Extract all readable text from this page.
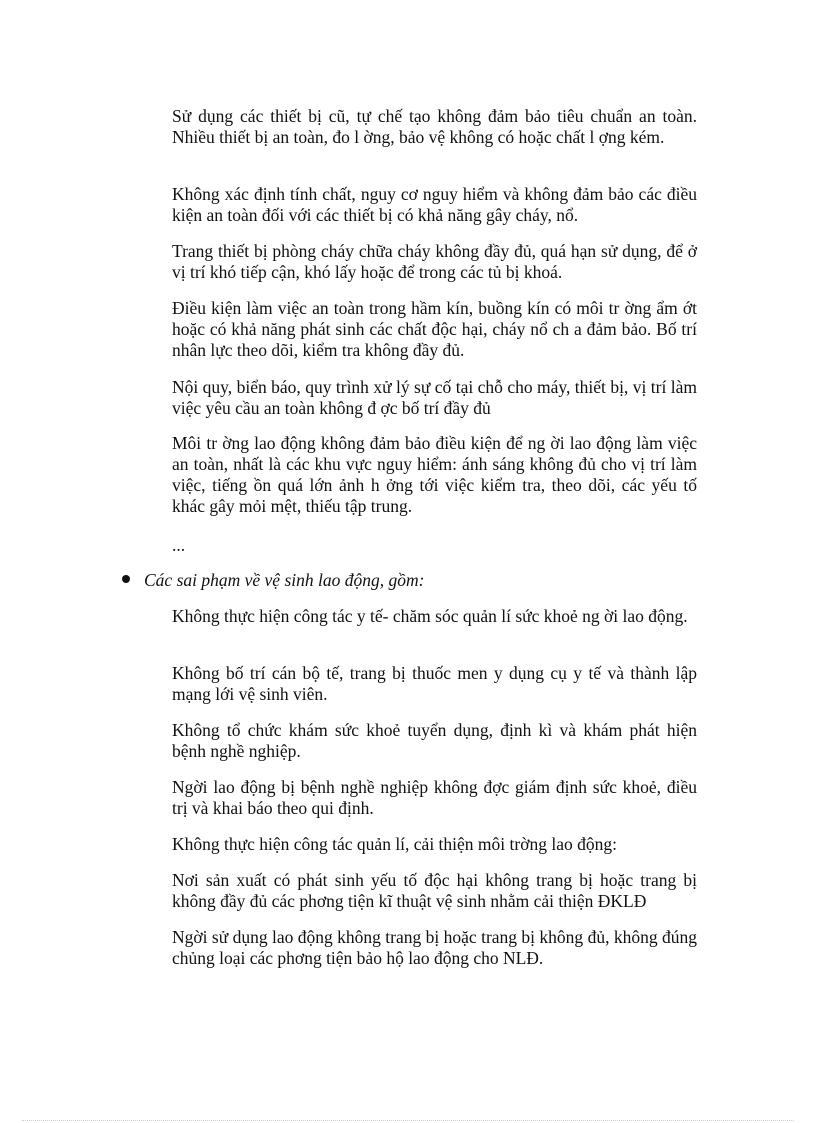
Sử dụng các thiết bị cũ, tự chế tạo không đảm bảo tiêu chuẩn an toàn. Nhiều thiết bị an toàn, đo l ờng, bảo vệ không có hoặc chất l ợng kém.

Không xác định tính chất, nguy cơ nguy hiểm và không đảm bảo các điều kiện an toàn đối với các thiết bị có khả năng gây cháy, nổ.

Trang thiết bị phòng cháy chữa cháy không đầy đủ, quá hạn sử dụng, để ở vị trí khó tiếp cận, khó lấy hoặc để trong các tủ bị khoá.

Điều kiện làm việc an toàn trong hầm kín, buồng kín có môi tr ờng ẩm ớt hoặc có khả năng phát sinh các chất độc hại, cháy nổ ch a đảm bảo. Bố trí nhân lực theo dõi, kiểm tra không đầy đủ.

Nội quy, biển báo, quy trình xử lý sự cố tại chỗ cho máy, thiết bị, vị trí làm việc yêu cầu an toàn không đ ợc bố trí đầy đủ

Môi tr ờng lao động không đảm bảo điều kiện để ng ời lao động làm việc an toàn, nhất là các khu vực nguy hiểm: ánh sáng không đủ cho vị trí làm việc, tiếng ồn quá lớn ảnh h ởng tới việc kiểm tra, theo dõi, các yếu tố khác gây mỏi mệt, thiếu tập trung.

...

Các sai phạm về vệ sinh lao động, gồm:

Không thực hiện công tác y tế- chăm sóc quản lí sức khoẻ ng ời lao động.

Không bố trí cán bộ tế, trang bị thuốc men y dụng cụ y tế và thành lập mạng lới vệ sinh viên.

Không tổ chức khám sức khoẻ tuyển dụng, định kì và khám phát hiện bệnh nghề nghiệp.

Ngời lao động bị bệnh nghề nghiệp không đợc giám định sức khoẻ, điều trị và khai báo theo qui định.

Không thực hiện công tác quản lí, cải thiện môi trờng lao động:

Nơi sản xuất có phát sinh yếu tố độc hại không trang bị hoặc trang bị không đầy đủ các phơng tiện kĩ thuật vệ sinh nhằm cải thiện ĐKLĐ

Ngời sử dụng lao động không trang bị hoặc trang bị không đủ, không đúng chủng loại các phơng tiện bảo hộ lao động cho NLĐ.
